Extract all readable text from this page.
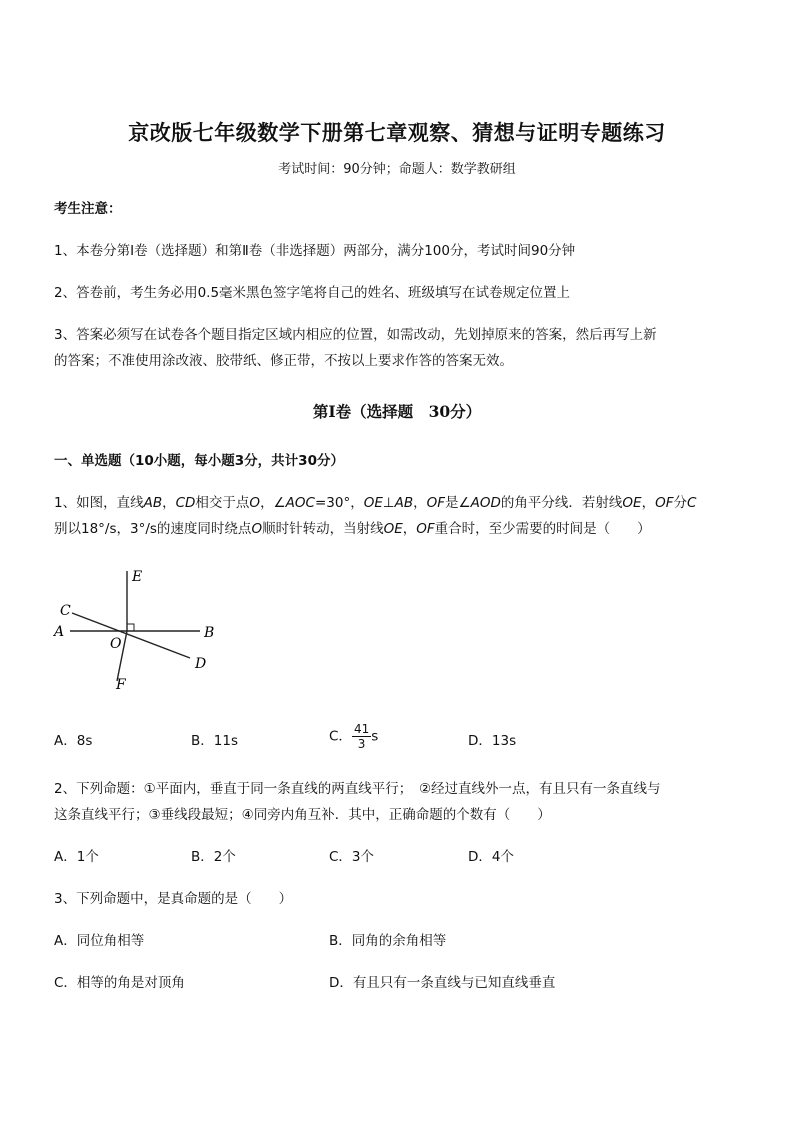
京改版七年级数学下册第七章观察、猜想与证明专题练习
考试时间：90分钟；命题人：数学教研组
考生注意：
1、本卷分第Ⅰ卷（选择题）和第Ⅱ卷（非选择题）两部分，满分100分，考试时间90分钟
2、答卷前，考生务必用0.5毫米黑色签字笔将自己的姓名、班级填写在试卷规定位置上
3、答案必须写在试卷各个题目指定区域内相应的位置，如需改动，先划掉原来的答案，然后再写上新
的答案；不准使用涂改液、胶带纸、修正带，不按以上要求作答的答案无效。
第Ⅰ卷（选择题　30分）
一、单选题（10小题，每小题3分，共计30分）
1、如图，直线AB，CD相交于点O，∠AOC=30°，OE⊥AB，OF是∠AOD的角平分线．若射线OE，OF分C
别以18°/s，3°/s的速度同时绕点O顺时针转动，当射线OE，OF重合时，至少需要的时间是（　　）
E
C
A
O
B
D
F
A．8s	B．11s	C． $\frac{41}{3}$ s	D．13s
2、下列命题：①平面内，垂直于同一条直线的两直线平行；　②经过直线外一点，有且只有一条直线与
这条直线平行；③垂线段最短；④同旁内角互补．其中，正确命题的个数有（　　）
A．1个	B．2个	C．3个	D．4个
3、下列命题中，是真命题的是（　　）
A．同位角相等	B．同角的余角相等
C．相等的角是对顶角	D．有且只有一条直线与已知直线垂直
